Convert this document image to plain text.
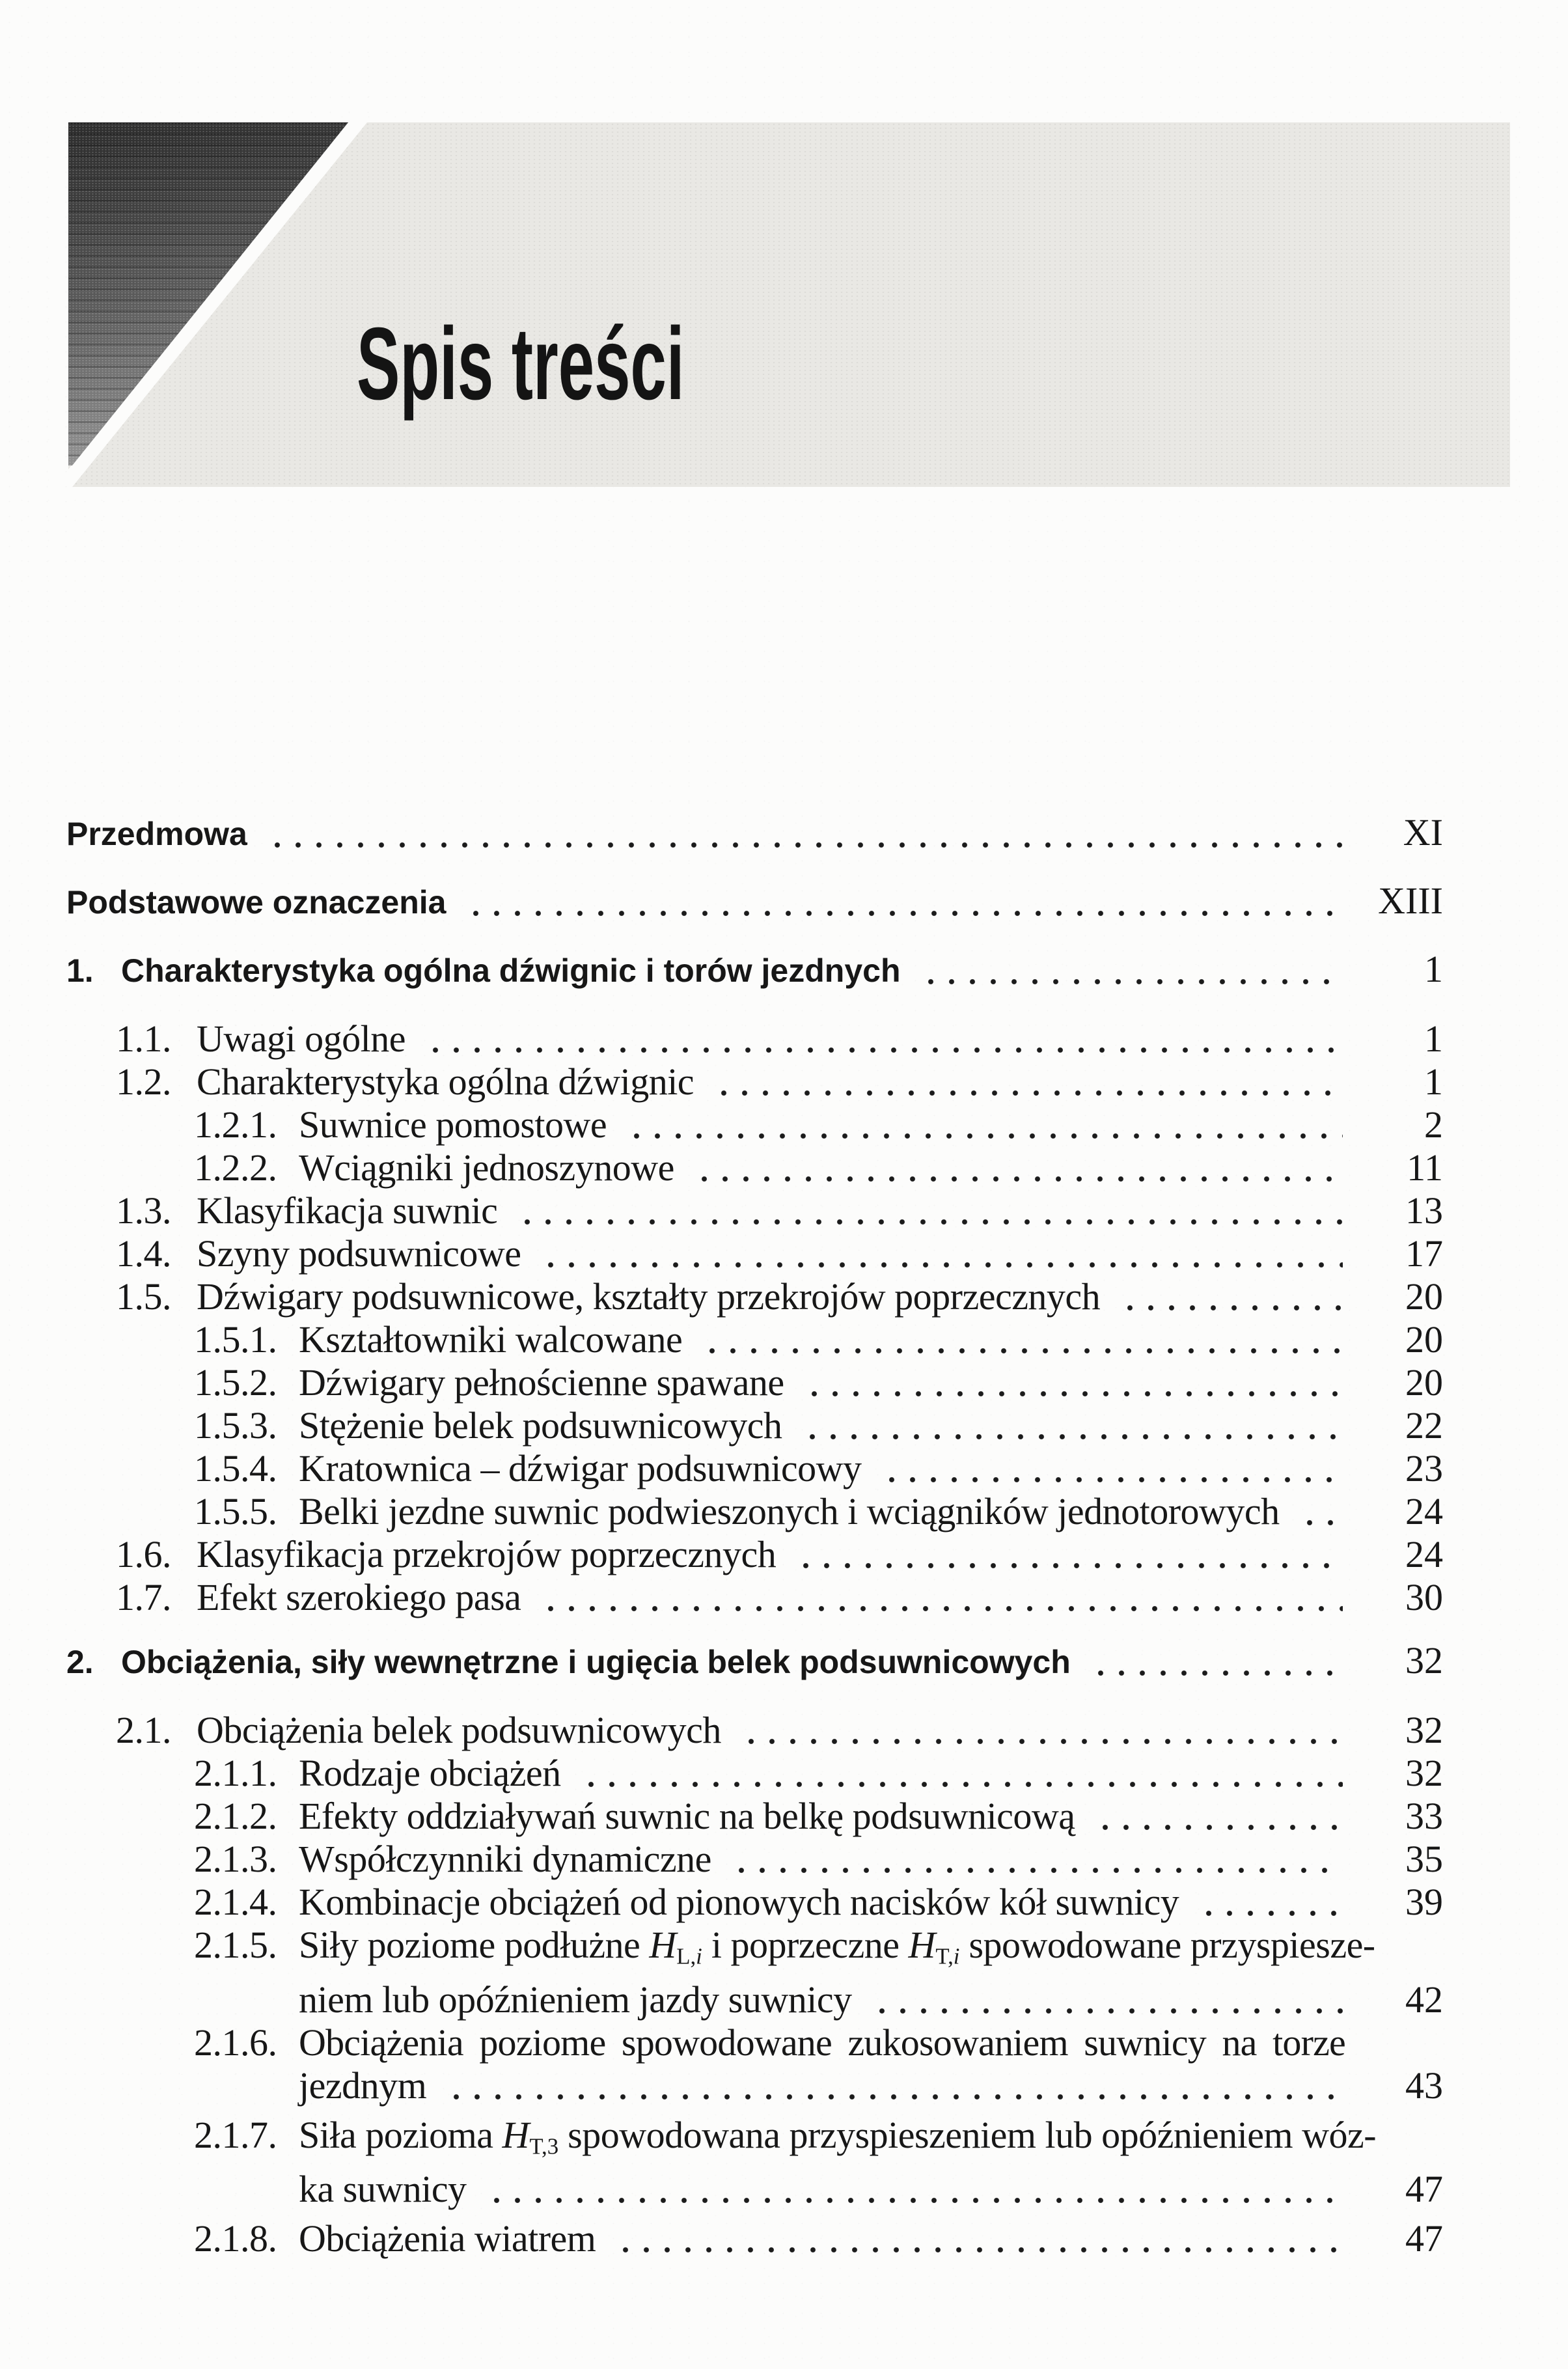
Spis treści
Przedmowa	XI
Podstawowe oznaczenia	XIII
1. Charakterystyka ogólna dźwignic i torów jezdnych	1
1.1. Uwagi ogólne	1
1.2. Charakterystyka ogólna dźwignic	1
1.2.1. Suwnice pomostowe	2
1.2.2. Wciągniki jednoszynowe	11
1.3. Klasyfikacja suwnic	13
1.4. Szyny podsuwnicowe	17
1.5. Dźwigary podsuwnicowe, kształty przekrojów poprzecznych	20
1.5.1. Kształtowniki walcowane	20
1.5.2. Dźwigary pełnościenne spawane	20
1.5.3. Stężenie belek podsuwnicowych	22
1.5.4. Kratownica – dźwigar podsuwnicowy	23
1.5.5. Belki jezdne suwnic podwieszonych i wciągników jednotorowych	24
1.6. Klasyfikacja przekrojów poprzecznych	24
1.7. Efekt szerokiego pasa	30
2. Obciążenia, siły wewnętrzne i ugięcia belek podsuwnicowych	32
2.1. Obciążenia belek podsuwnicowych	32
2.1.1. Rodzaje obciążeń	32
2.1.2. Efekty oddziaływań suwnic na belkę podsuwnicową	33
2.1.3. Współczynniki dynamiczne	35
2.1.4. Kombinacje obciążeń od pionowych nacisków kół suwnicy	39
2.1.5. Siły poziome podłużne $H_{L,i}$ i poprzeczne $H_{T,i}$ spowodowane przyspiesze-
niem lub opóźnieniem jazdy suwnicy	42
2.1.6. Obciążenia poziome spowodowane zukosowaniem suwnicy na torze
jezdnym	43
2.1.7. Siła pozioma $H_{T,3}$ spowodowana przyspieszeniem lub opóźnieniem wóz-
ka suwnicy	47
2.1.8. Obciążenia wiatrem	47
